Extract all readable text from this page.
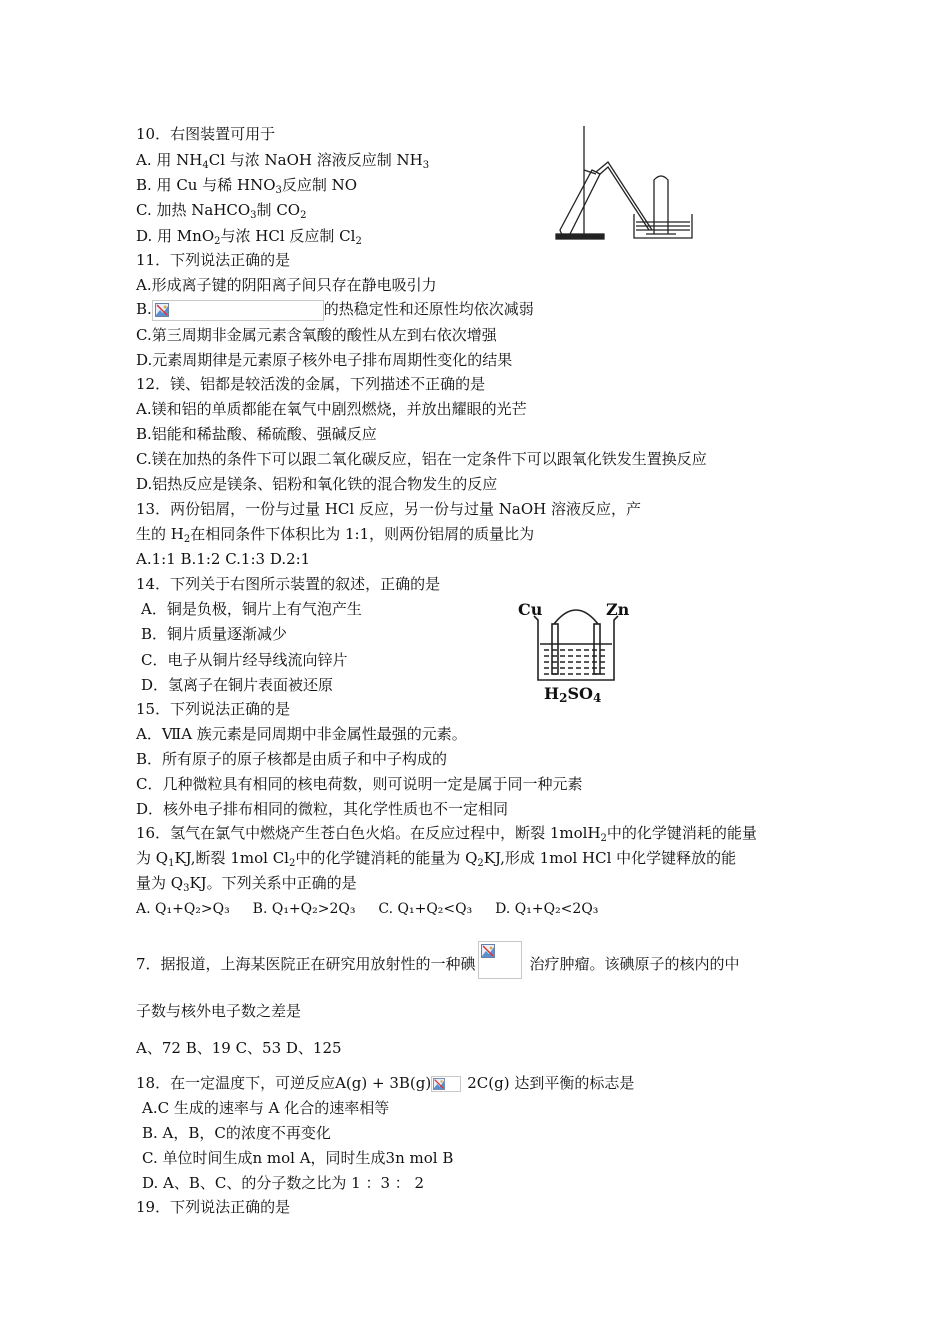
10．右图装置可用于
A. 用 $NH_4Cl$ 与浓 NaOH 溶液反应制 $NH_3$
B. 用 Cu 与稀 $HNO_3$反应制 NO
C. 加热 NaHCO$_3$制 $CO_2$
D. 用 MnO$_2$与浓 HCl 反应制 $Cl_2$
11．下列说法正确的是
A.形成离子键的阴阳离子间只存在静电吸引力
B.	的热稳定性和还原性均依次减弱
C.第三周期非金属元素含氧酸的酸性从左到右依次增强
D.元素周期律是元素原子核外电子排布周期性变化的结果
12．镁、铝都是较活泼的金属，下列描述不正确的是
A.镁和铝的单质都能在氧气中剧烈燃烧，并放出耀眼的光芒
B.铝能和稀盐酸、稀硫酸、强碱反应
C.镁在加热的条件下可以跟二氧化碳反应，铝在一定条件下可以跟氧化铁发生置换反应
D.铝热反应是镁条、铝粉和氧化铁的混合物发生的反应
13．两份铝屑，一份与过量 HCl 反应，另一份与过量 NaOH 溶液反应，产
生的 $H_2$在相同条件下体积比为 1:1，则两份铝屑的质量比为
A.1:1 B.1:2 C.1:3 D.2:1
14．下列关于右图所示装置的叙述，正确的是
A．铜是负极，铜片上有气泡产生
B．铜片质量逐渐减少
C．电子从铜片经导线流向锌片
D．氢离子在铜片表面被还原
Cu	Zn
$H_2SO_4$
15．下列说法正确的是
A．ⅦA 族元素是同周期中非金属性最强的元素。
B．所有原子的原子核都是由质子和中子构成的
C．几种微粒具有相同的核电荷数，则可说明一定是属于同一种元素
D．核外电子排布相同的微粒，其化学性质也不一定相同
16．氢气在氯气中燃烧产生苍白色火焰。在反应过程中，断裂 1molH$_2$中的化学键消耗的能量
为 $Q_1KJ$,断裂 1mol $Cl_2$中的化学键消耗的能量为 $Q_2KJ$,形成 1mol HCl 中化学键释放的能
量为 $Q_3KJ$。下列关系中正确的是
A. Q₁+Q₂>Q₃ B. Q₁+Q₂>2Q₃ C. Q₁+Q₂<Q₃ D. Q₁+Q₂<2Q₃
7．据报道，上海某医院正在研究用放射性的一种碘	治疗肿瘤。该碘原子的核内的中
子数与核外电子数之差是
A、72 B、19 C、53 D、125
18．在一定温度下，可逆反应A(g) + 3B(g) 2C(g) 达到平衡的标志是
A.C 生成的速率与 A 化合的速率相等
B. A，B，C的浓度不再变化
C. 单位时间生成n mol A，同时生成3n mol B
D. A、B、C、的分子数之比为 1 ：3 ： 2
19．下列说法正确的是
